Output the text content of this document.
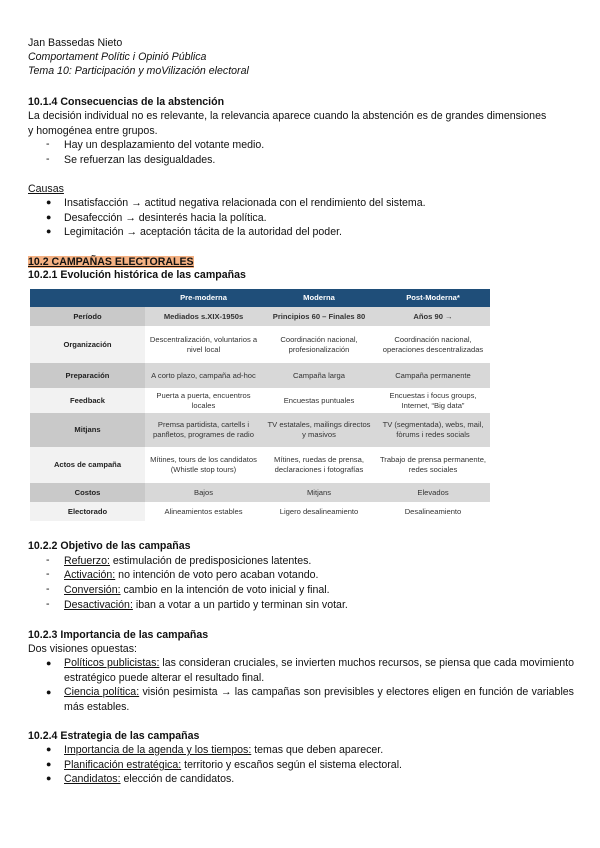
Jan Bassedas Nieto
Comportament Polític i Opinió Pública
Tema 10: Participación y moVilización electoral
10.1.4 Consecuencias de la abstención
La decisión individual no es relevante, la relevancia aparece cuando la abstención es de grandes dimensiones
y homogénea entre grupos.
-	Hay un desplazamiento del votante medio.
-	Se refuerzan las desigualdades.
Causas
●	Insatisfacción → actitud negativa relacionada con el rendimiento del sistema.
●	Desafección → desinterés hacia la política.
●	Legimitación → aceptación tácita de la autoridad del poder.
10.2 CAMPAÑAS ELECTORALES
10.2.1 Evolución histórica de las campañas
	Pre-moderna	Moderna	Post-Moderna*
Período	Mediados s.XIX-1950s	Principios 60 – Finales 80	Años 90 →
Organización	Descentralización, voluntarios a nivel local	Coordinación nacional, profesionalización	Coordinación nacional, operaciones descentralizadas
Preparación	A corto plazo, campaña ad-hoc	Campaña larga	Campaña permanente
Feedback	Puerta a puerta, encuentros locales	Encuestas puntuales	Encuestas i focus groups, Internet, “Big data”
Mitjans	Premsa partidista, cartells i panfletos, programes de radio	TV estatales, mailings directos y masivos	TV (segmentada), webs, mail, fòrums i redes socials
Actos de campaña	Mítines, tours de los candidatos (Whistle stop tours)	Mítines, ruedas de prensa, declaraciones i fotografías	Trabajo de prensa permanente, redes sociales
Costos	Bajos	Mitjans	Elevados
Electorado	Alineamientos estables	Ligero desalineamiento	Desalineamiento
10.2.2 Objetivo de las campañas
-	Refuerzo: estimulación de predisposiciones latentes.
-	Activación: no intención de voto pero acaban votando.
-	Conversión: cambio en la intención de voto inicial y final.
-	Desactivación: iban a votar a un partido y terminan sin votar.
10.2.3 Importancia de las campañas
Dos visiones opuestas:
●	Políticos publicistas: las consideran cruciales, se invierten muchos recursos, se piensa que cada movimiento estratégico puede alterar el resultado final.
●	Ciencia política: visión pesimista → las campañas son previsibles y electores eligen en función de variables más estables.
10.2.4 Estrategia de las campañas
●	Importancia de la agenda y los tiempos: temas que deben aparecer.
●	Planificación estratégica: territorio y escaños según el sistema electoral.
●	Candidatos: elección de candidatos.
